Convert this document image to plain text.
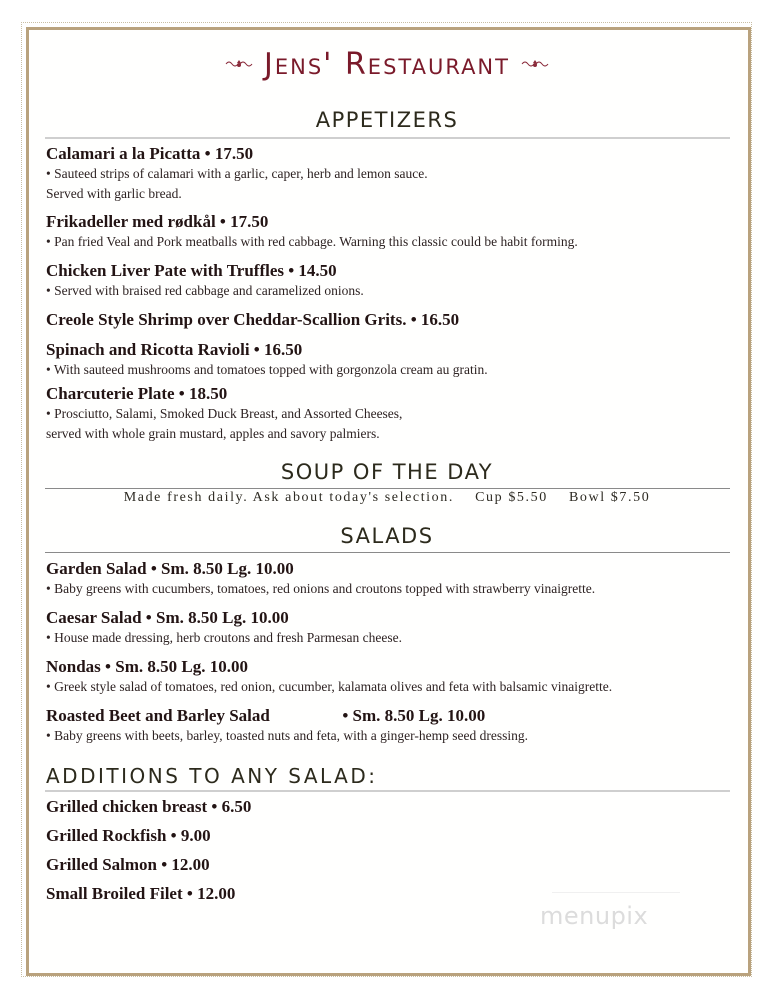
Jens' Restaurant
APPETIZERS
Calamari a la Picatta • 17.50
• Sauteed strips of calamari with a garlic, caper, herb and lemon sauce.
Served with garlic bread.
Frikadeller med rødkål • 17.50
• Pan fried Veal and Pork meatballs with red cabbage. Warning this classic could be habit forming.
Chicken Liver Pate with Truffles • 14.50
• Served with braised red cabbage and caramelized onions.
Creole Style Shrimp over Cheddar-Scallion Grits. • 16.50
Spinach and Ricotta Ravioli • 16.50
• With sauteed mushrooms and tomatoes topped with gorgonzola cream au gratin.
Charcuterie Plate • 18.50
• Prosciutto, Salami, Smoked Duck Breast, and Assorted Cheeses,
served with whole grain mustard, apples and savory palmiers.
SOUP OF THE DAY
Made fresh daily. Ask about today's selection. Cup $5.50 Bowl $7.50
SALADS
Garden Salad • Sm. 8.50 Lg. 10.00
• Baby greens with cucumbers, tomatoes, red onions and croutons topped with strawberry vinaigrette.
Caesar Salad • Sm. 8.50 Lg. 10.00
• House made dressing, herb croutons and fresh Parmesan cheese.
Nondas • Sm. 8.50 Lg. 10.00
• Greek style salad of tomatoes, red onion, cucumber, kalamata olives and feta with balsamic vinaigrette.
Roasted Beet and Barley Salad	• Sm. 8.50 Lg. 10.00
• Baby greens with beets, barley, toasted nuts and feta, with a ginger-hemp seed dressing.
ADDITIONS TO ANY SALAD:
Grilled chicken breast • 6.50
Grilled Rockfish • 9.00
Grilled Salmon • 12.00
Small Broiled Filet • 12.00
menupix
